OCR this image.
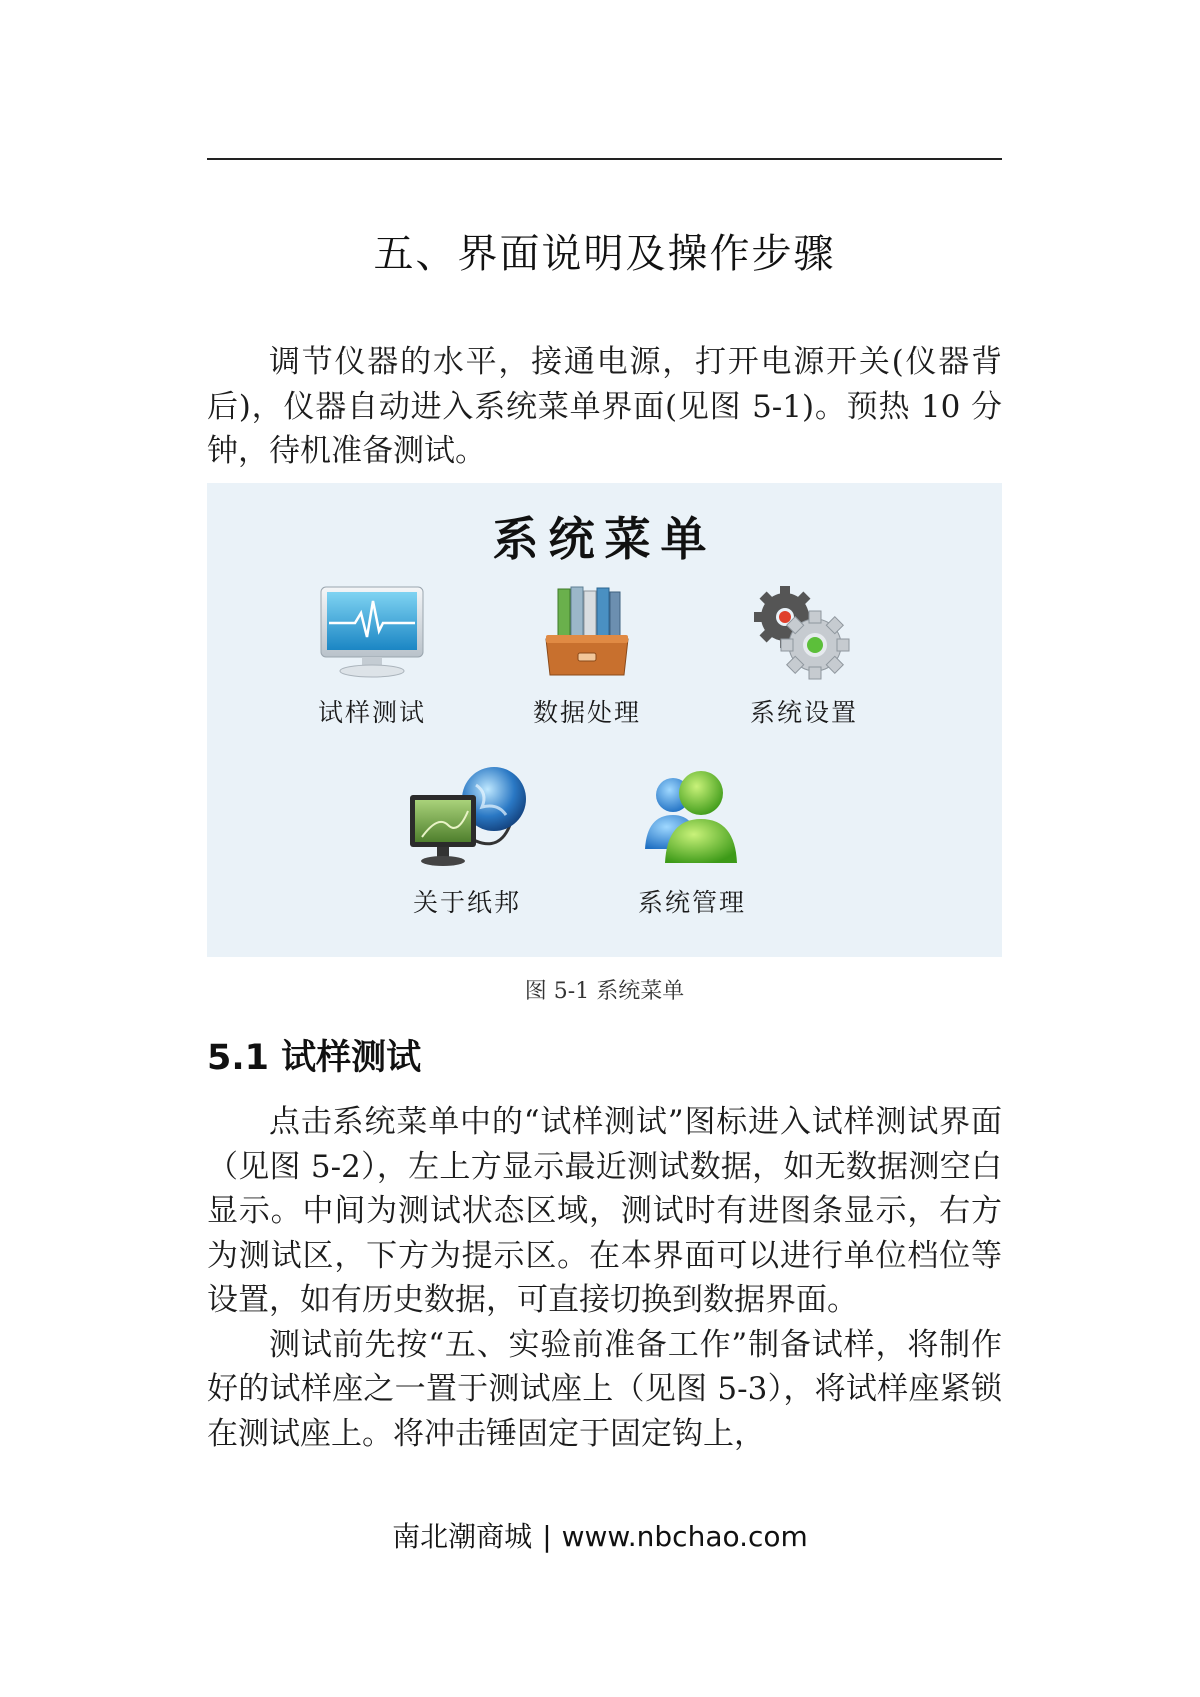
五、界面说明及操作步骤

调节仪器的水平，接通电源，打开电源开关(仪器背后)，仪器自动进入系统菜单界面(见图 5-1)。预热 10 分钟，待机准备测试。

系统菜单
试样测试	数据处理	系统设置
关于纸邦	系统管理
图 5-1 系统菜单
5.1 试样测试

点击系统菜单中的“试样测试”图标进入试样测试界面（见图 5-2），左上方显示最近测试数据，如无数据测空白显示。中间为测试状态区域，测试时有进图条显示，右方为测试区，下方为提示区。在本界面可以进行单位档位等设置，如有历史数据，可直接切换到数据界面。

测试前先按“五、实验前准备工作”制备试样，将制作好的试样座之一置于测试座上（见图 5-3），将试样座紧锁在测试座上。将冲击锤固定于固定钩上，

南北潮商城 | www.nbchao.com
